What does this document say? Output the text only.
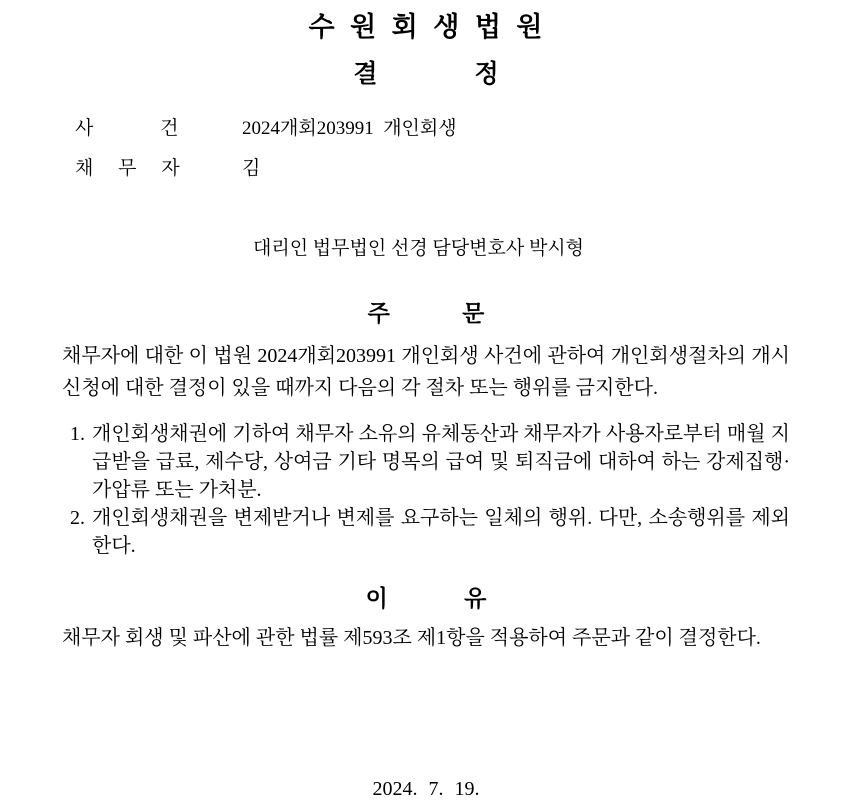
수 원 회 생 법 원
결 정
사 건	2024개회203991  개인회생
채 무 자	김
대리인 법무법인 선경 담당변호사 박시형
주 문
채무자에 대한 이 법원 2024개회203991 개인회생 사건에 관하여 개인회생절차의 개시 신청에 대한 결정이 있을 때까지 다음의 각 절차 또는 행위를 금지한다.
1. 개인회생채권에 기하여 채무자 소유의 유체동산과 채무자가 사용자로부터 매월 지급받을 급료, 제수당, 상여금 기타 명목의 급여 및 퇴직금에 대하여 하는 강제집행·가압류 또는 가처분.
2. 개인회생채권을 변제받거나 변제를 요구하는 일체의 행위. 다만, 소송행위를 제외한다.
이 유
채무자 회생 및 파산에 관한 법률 제593조 제1항을 적용하여 주문과 같이 결정한다.
2024. 7. 19.
